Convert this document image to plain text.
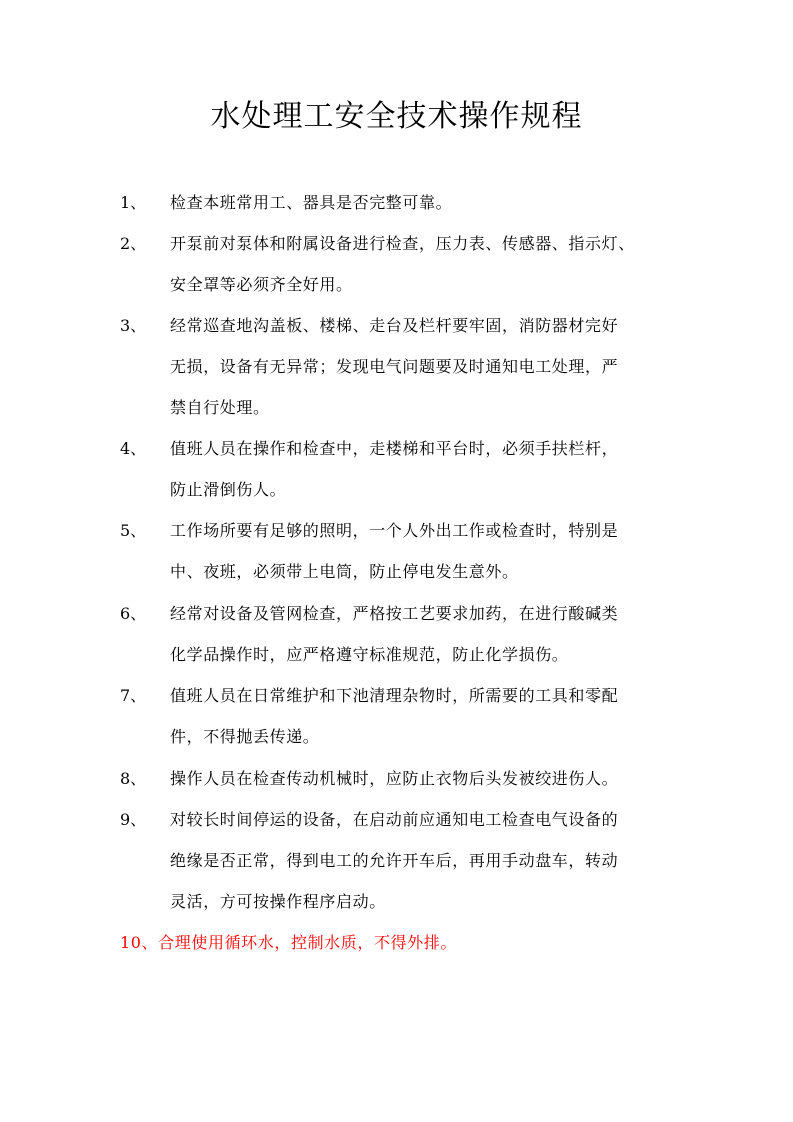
水处理工安全技术操作规程
1、 检查本班常用工、器具是否完整可靠。
2、 开泵前对泵体和附属设备进行检查，压力表、传感器、指示灯、
安全罩等必须齐全好用。
3、 经常巡查地沟盖板、楼梯、走台及栏杆要牢固，消防器材完好
无损，设备有无异常；发现电气问题要及时通知电工处理，严
禁自行处理。
4、 值班人员在操作和检查中，走楼梯和平台时，必须手扶栏杆，
防止滑倒伤人。
5、 工作场所要有足够的照明，一个人外出工作或检查时，特别是
中、夜班，必须带上电筒，防止停电发生意外。
6、 经常对设备及管网检查，严格按工艺要求加药，在进行酸碱类
化学品操作时，应严格遵守标准规范，防止化学损伤。
7、 值班人员在日常维护和下池清理杂物时，所需要的工具和零配
件，不得抛丢传递。
8、 操作人员在检查传动机械时，应防止衣物后头发被绞进伤人。
9、 对较长时间停运的设备，在启动前应通知电工检查电气设备的
绝缘是否正常，得到电工的允许开车后，再用手动盘车，转动
灵活，方可按操作程序启动。
10、合理使用循环水，控制水质，不得外排。
